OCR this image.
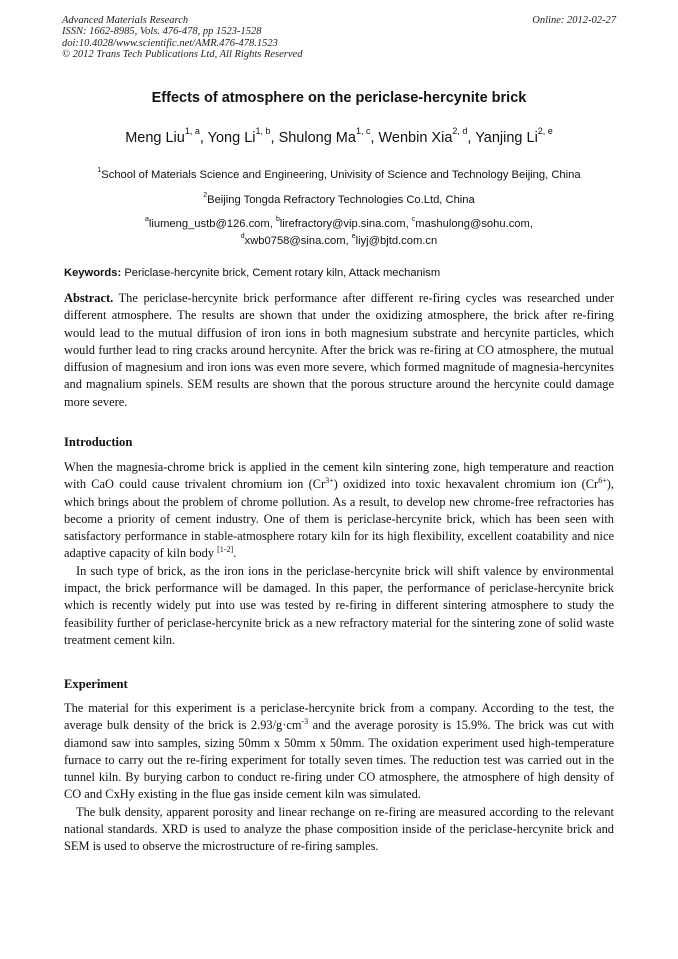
Advanced Materials Research
ISSN: 1662-8985, Vols. 476-478, pp 1523-1528
doi:10.4028/www.scientific.net/AMR.476-478.1523
© 2012 Trans Tech Publications Ltd, All Rights Reserved
Online: 2012-02-27
Effects of atmosphere on the periclase-hercynite brick
Meng Liu$^{1, a}$, Yong Li$^{1, b}$, Shulong Ma$^{1, c}$, Wenbin Xia$^{2, d}$, Yanjing Li$^{2, e}$
$^1$School of Materials Science and Engineering, Univisity of Science and Technology Beijing, China
$^2$Beijing Tongda Refractory Technologies Co.Ltd, China
$^a$liumeng_ustb@126.com, $^b$lirefractory@vip.sina.com, $^c$mashulong@sohu.com,
$^d$xwb0758@sina.com, $^e$liyj@bjtd.com.cn
Keywords: Periclase-hercynite brick, Cement rotary kiln, Attack mechanism

Abstract. The periclase-hercynite brick performance after different re-firing cycles was researched under different atmosphere. The results are shown that under the oxidizing atmosphere, the brick after re-firing would lead to the mutual diffusion of iron ions in both magnesium substrate and hercynite particles, which would further lead to ring cracks around hercynite. After the brick was re-firing at CO atmosphere, the mutual diffusion of magnesium and iron ions was even more severe, which formed magnitude of magnesia-hercynites and magnalium spinels. SEM results are shown that the porous structure around the hercynite could damage more severe.

Introduction

When the magnesia-chrome brick is applied in the cement kiln sintering zone, high temperature and reaction with CaO could cause trivalent chromium ion $(Cr^{3+})$ oxidized into toxic hexavalent chromium ion $(Cr^{6+})$, which brings about the problem of chrome pollution. As a result, to develop new chrome-free refractories has become a priority of cement industry. One of them is periclase-hercynite brick, which has been seen with satisfactory performance in stable-atmosphere rotary kiln for its high flexibility, excellent coatability and nice adaptive capacity of kiln body [1-2].

In such type of brick, as the iron ions in the periclase-hercynite brick will shift valence by environmental impact, the brick performance will be damaged. In this paper, the performance of periclase-hercynite brick which is recently widely put into use was tested by re-firing in different sintering atmosphere to study the feasibility further of periclase-hercynite brick as a new refractory material for the sintering zone of solid waste treatment cement kiln.

Experiment

The material for this experiment is a periclase-hercynite brick from a company. According to the test, the average bulk density of the brick is $2.93/g\cdot cm^{-3}$ and the average porosity is 15.9%. The brick was cut with diamond saw into samples, sizing 50mm x 50mm x 50mm. The oxidation experiment used high-temperature furnace to carry out the re-firing experiment for totally seven times. The reduction test was carried out in the tunnel kiln. By burying carbon to conduct re-firing under CO atmosphere, the atmosphere of high density of CO and CxHy existing in the flue gas inside cement kiln was simulated.

The bulk density, apparent porosity and linear rechange on re-firing are measured according to the relevant national standards. XRD is used to analyze the phase composition inside of the periclase-hercynite brick and SEM is used to observe the microstructure of re-firing samples.
